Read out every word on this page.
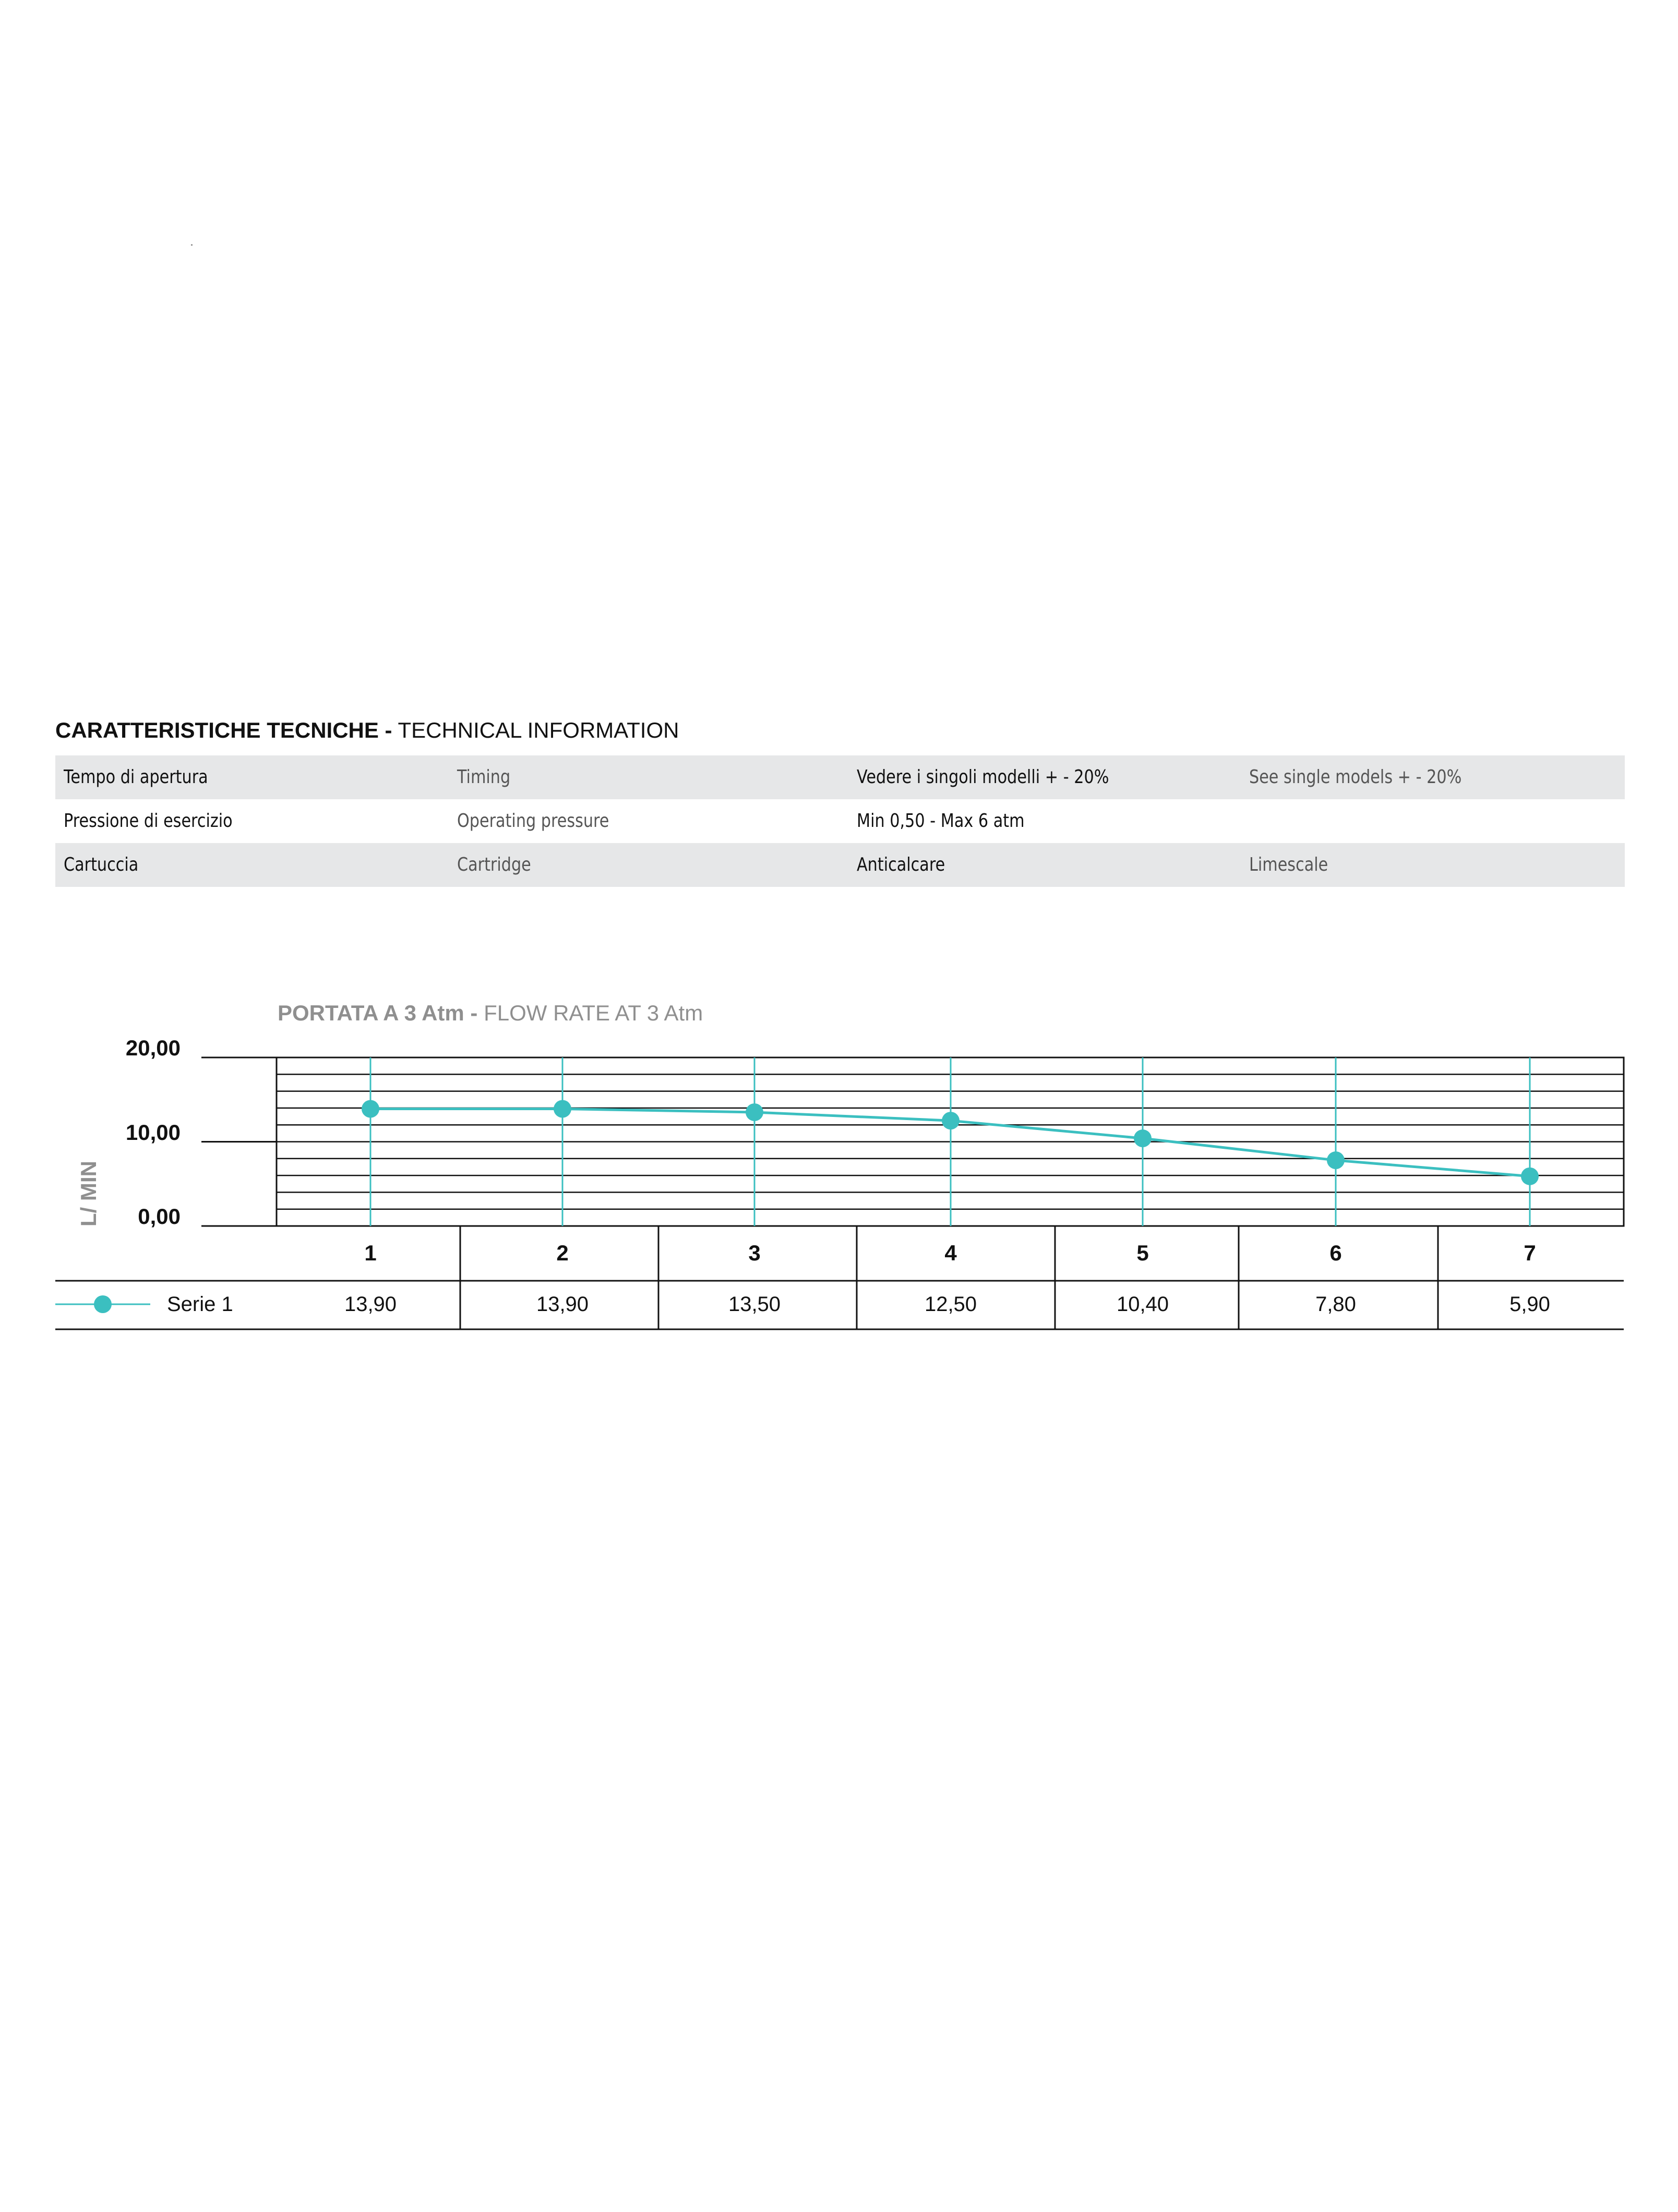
CARATTERISTICHE TECNICHE - TECHNICAL INFORMATION
Tempo di apertura	Timing	Vedere i singoli modelli + - 20%	See single models + - 20%
Pressione di esercizio	Operating pressure	Min 0,50 - Max 6 atm
Cartuccia	Cartridge	Anticalcare	Limescale
PORTATA A 3 Atm - FLOW RATE AT 3 Atm
L/ MIN
20,00
10,00
0,00
1	2	3	4	5	6	7
13,90	13,90	13,50	12,50	10,40	7,80	5,90
Serie 1
